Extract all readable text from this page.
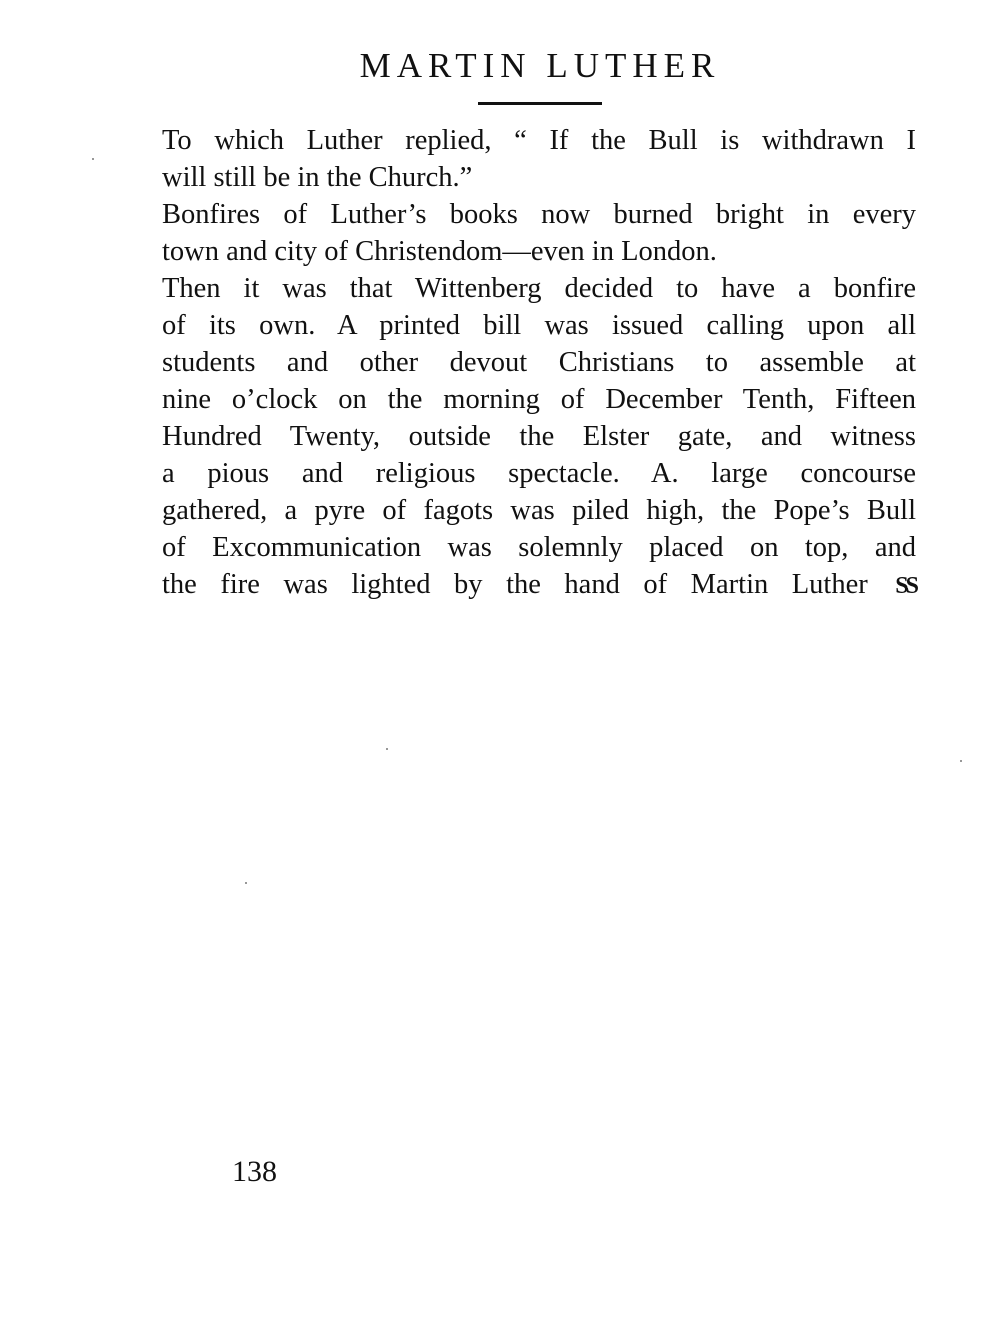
MARTIN LUTHER
To which Luther replied, “ If the Bull is withdrawn I
will still be in the Church.”
Bonfires of Luther’s books now burned bright in every
town and city of Christendom—even in London.
Then it was that Wittenberg decided to have a bonfire
of its own. A printed bill was issued calling upon all
students and other devout Christians to assemble at
nine o’clock on the morning of December Tenth, Fifteen
Hundred Twenty, outside the Elster gate, and witness
a pious and religious spectacle. A. large concourse
gathered, a pyre of fagots was piled high, the Pope’s Bull
of Excommunication was solemnly placed on top, and
the fire was lighted by the hand of Martin Luther SS
138
